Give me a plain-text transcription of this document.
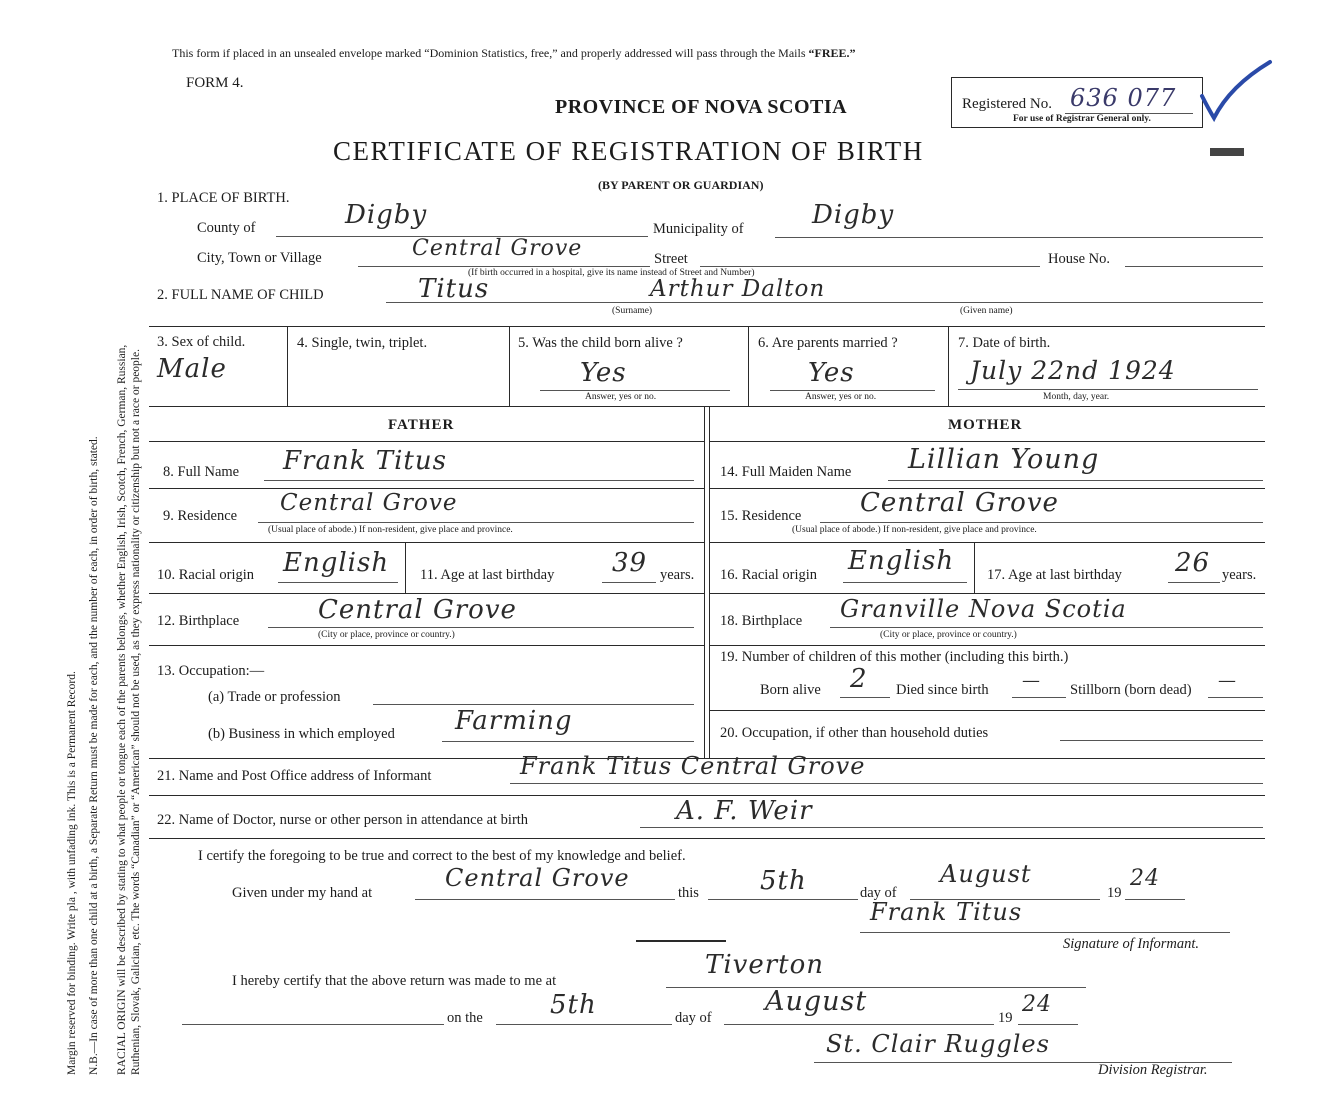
RACIAL ORIGIN will be described by stating to what people or tongue each of the parents belongs, whether English, Irish, Scotch, French, German, Russian, Ruthenian, Slovak, Galician, etc. The words “Canadian” or “American” should not be used, as they express nationality or citizenship but not a race or people.
N.B.—In case of more than one child at a birth, a Separate Return must be made for each, and the number of each, in order of birth, stated.
Margin reserved for binding. Write pla , with unfading ink. This is a Permanent Record.
This form if placed in an unsealed envelope marked “Dominion Statistics, free,” and properly addressed will pass through the Mails “FREE.”
FORM 4.
PROVINCE OF NOVA SCOTIA
CERTIFICATE OF REGISTRATION OF BIRTH
(BY PARENT OR GUARDIAN)
Registered No. 636 077
For use of Registrar General only.
1. PLACE OF BIRTH.
County of	Digby	Municipality of	Digby
City, Town or Village	Central Grove	Street	House No.
(If birth occurred in a hospital, give its name instead of Street and Number)
2. FULL NAME OF CHILD	Titus	Arthur Dalton
(Surname)	(Given name)
3. Sex of child.
Male
4. Single, twin, triplet.	5. Was the child born alive ?
Yes
Answer, yes or no.
6. Are parents married ?
Yes
Answer, yes or no.
7. Date of birth.
July 22nd 1924
Month, day, year.
FATHER	MOTHER
8. Full Name Frank Titus	14. Full Maiden Name Lillian Young
9. Residence Central Grove
(Usual place of abode.) If non-resident, give place and province.
15. Residence Central Grove
(Usual place of abode.) If non-resident, give place and province.
10. Racial origin English 11. Age at last birthday 39 years. 16. Racial origin English 17. Age at last birthday 26 years.
12. Birthplace	Central Grove
(City or place, province or country.)
18. Birthplace Granville Nova Scotia
(City or place, province or country.)
13. Occupation:—
(a) Trade or profession
19. Number of children of this mother (including this birth.)
Born alive 2 Died since birth — Stillborn (born dead) —
(b) Business in which employed Farming	20. Occupation, if other than household duties
21. Name and Post Office address of Informant	Frank Titus Central Grove
22. Name of Doctor, nurse or other person in attendance at birth	A. F. Weir
I certify the foregoing to be true and correct to the best of my knowledge and belief.
Given under my hand at
Central Grove
this 5th	day of
August
19
24
Frank Titus
Signature of Informant.
I hereby certify that the above return was made to me at
Tiverton
on the	5th	day of
August
19
24
St. Clair Ruggles
Division Registrar.
